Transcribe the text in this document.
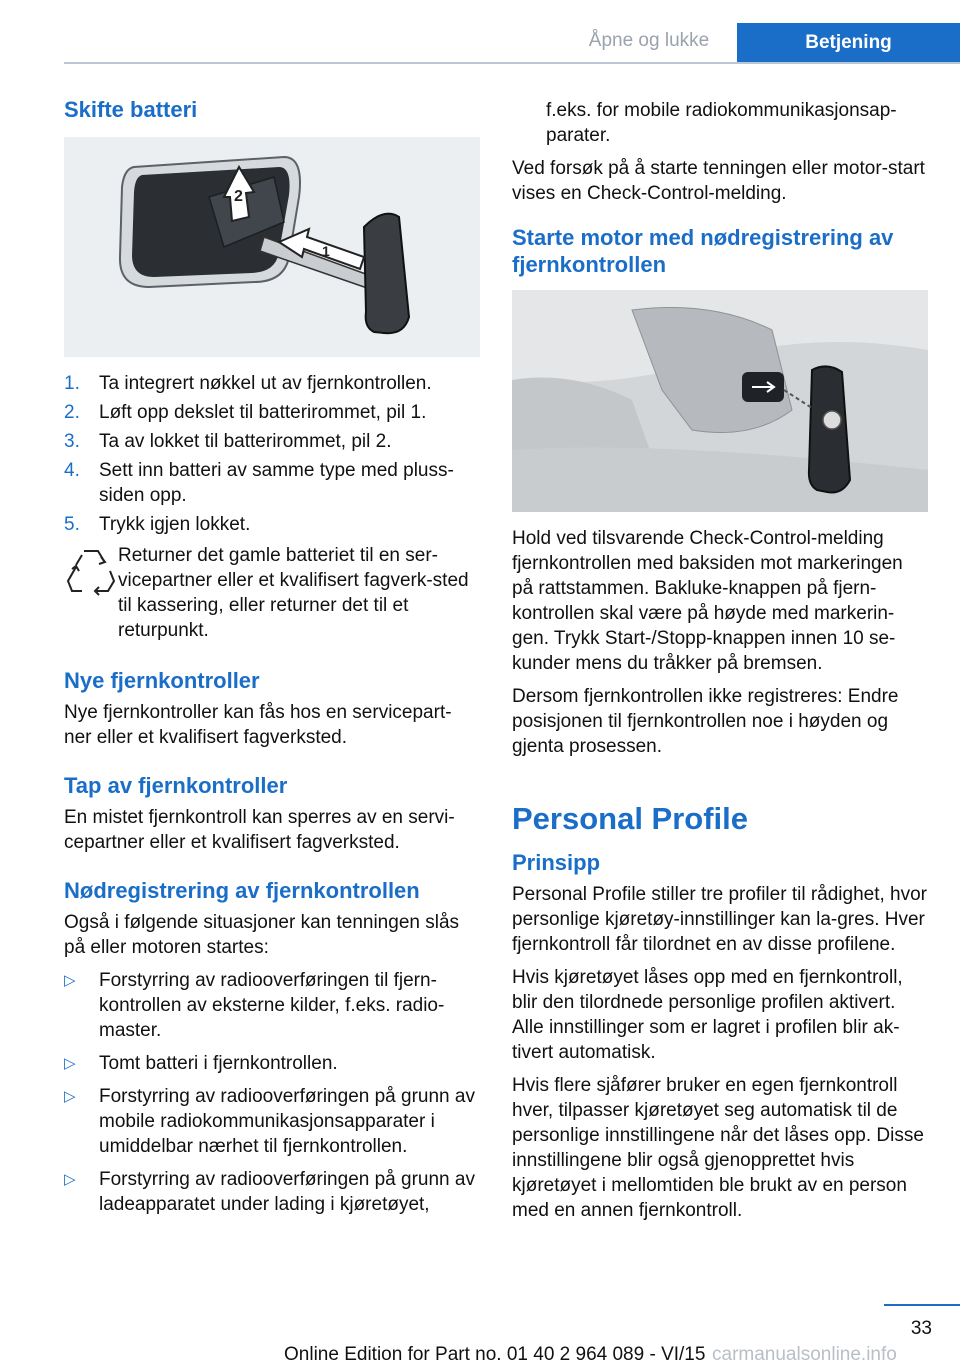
Åpne og lukke	Betjening
Skifte batteri
2
1
1. Ta integrert nøkkel ut av fjernkontrollen.
2. Løft opp dekslet til batterirommet, pil 1.
3. Ta av lokket til batterirommet, pil 2.
4. Sett inn batteri av samme type med pluss-siden opp.
5. Trykk igjen lokket.
Returner det gamle batteriet til en ser-vicepartner eller et kvalifisert fagverk-sted til kassering, eller returner det til et returpunkt.
Nye fjernkontroller

Nye fjernkontroller kan fås hos en servicepart-ner eller et kvalifisert fagverksted.

Tap av fjernkontroller

En mistet fjernkontroll kan sperres av en servi-cepartner eller et kvalifisert fagverksted.

Nødregistrering av fjernkontrollen

Også i følgende situasjoner kan tenningen slås på eller motoren startes:

▷ Forstyrring av radiooverføringen til fjern-kontrollen av eksterne kilder, f.eks. radio-master.
▷ Tomt batteri i fjernkontrollen.
▷ Forstyrring av radiooverføringen på grunn av mobile radiokommunikasjonsapparater i umiddelbar nærhet til fjernkontrollen.
▷ Forstyrring av radiooverføringen på grunn av ladeapparatet under lading i kjøretøyet,

f.eks. for mobile radiokommunikasjonsap-parater.

Ved forsøk på å starte tenningen eller motor-start vises en Check-Control-melding.

Starte motor med nødregistrering av fjernkontrollen

Hold ved tilsvarende Check-Control-melding fjernkontrollen med baksiden mot markeringen på rattstammen. Bakluke-knappen på fjern-kontrollen skal være på høyde med markerin-gen. Trykk Start-/Stopp-knappen innen 10 se-kunder mens du tråkker på bremsen.

Dersom fjernkontrollen ikke registreres: Endre posisjonen til fjernkontrollen noe i høyden og gjenta prosessen.

Personal Profile
Prinsipp

Personal Profile stiller tre profiler til rådighet, hvor personlige kjøretøy-innstillinger kan la-gres. Hver fjernkontroll får tilordnet en av disse profilene.

Hvis kjøretøyet låses opp med en fjernkontroll, blir den tilordnede personlige profilen aktivert. Alle innstillinger som er lagret i profilen blir ak-tivert automatisk.

Hvis flere sjåfører bruker en egen fjernkontroll hver, tilpasser kjøretøyet seg automatisk til de personlige innstillingene når det låses opp. Disse innstillingene blir også gjenopprettet hvis kjøretøyet i mellomtiden ble brukt av en person med en annen fjernkontroll.

33
Online Edition for Part no. 01 40 2 964 089 - VI/15 carmanualsonline.info
